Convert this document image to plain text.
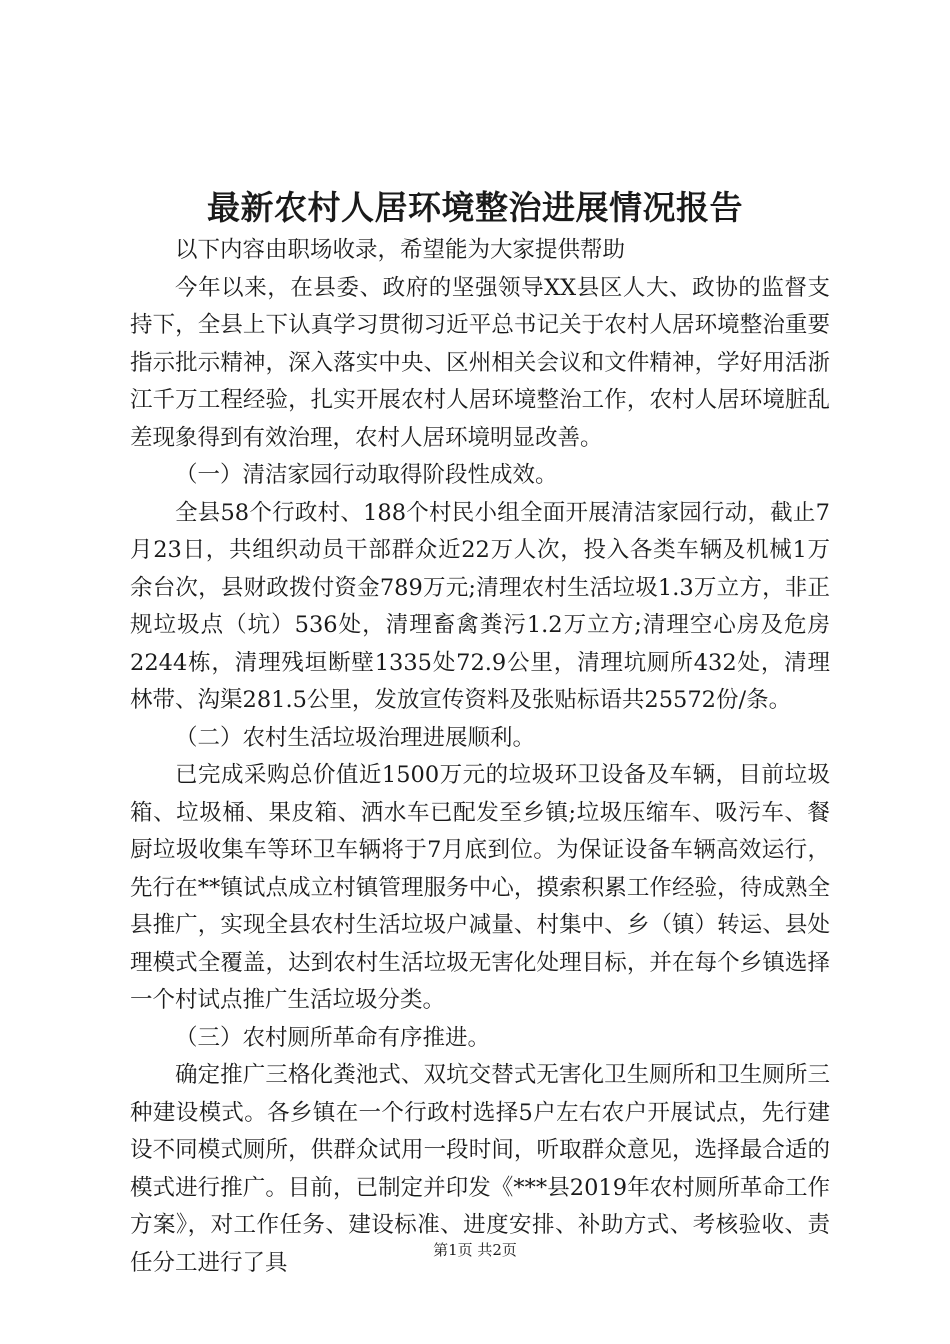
最新农村人居环境整治进展情况报告

以下内容由职场收录，希望能为大家提供帮助

今年以来，在县委、政府的坚强领导XX县区人大、政协的监督支持下，全县上下认真学习贯彻习近平总书记关于农村人居环境整治重要指示批示精神，深入落实中央、区州相关会议和文件精神，学好用活浙江千万工程经验，扎实开展农村人居环境整治工作，农村人居环境脏乱差现象得到有效治理，农村人居环境明显改善。

（一）清洁家园行动取得阶段性成效。

全县58个行政村、188个村民小组全面开展清洁家园行动，截止7月23日，共组织动员干部群众近22万人次，投入各类车辆及机械1万余台次，县财政拨付资金789万元;清理农村生活垃圾1.3万立方，非正规垃圾点（坑）536处，清理畜禽粪污1.2万立方;清理空心房及危房2244栋，清理残垣断壁1335处72.9公里，清理坑厕所432处，清理林带、沟渠281.5公里，发放宣传资料及张贴标语共25572份/条。

（二）农村生活垃圾治理进展顺利。

已完成采购总价值近1500万元的垃圾环卫设备及车辆，目前垃圾箱、垃圾桶、果皮箱、洒水车已配发至乡镇;垃圾压缩车、吸污车、餐厨垃圾收集车等环卫车辆将于7月底到位。为保证设备车辆高效运行，先行在**镇试点成立村镇管理服务中心，摸索积累工作经验，待成熟全县推广，实现全县农村生活垃圾户减量、村集中、乡（镇）转运、县处理模式全覆盖，达到农村生活垃圾无害化处理目标，并在每个乡镇选择一个村试点推广生活垃圾分类。

（三）农村厕所革命有序推进。

确定推广三格化粪池式、双坑交替式无害化卫生厕所和卫生厕所三种建设模式。各乡镇在一个行政村选择5户左右农户开展试点，先行建设不同模式厕所，供群众试用一段时间，听取群众意见，选择最合适的模式进行推广。目前，已制定并印发《***县2019年农村厕所革命工作方案》，对工作任务、建设标准、进度安排、补助方式、考核验收、责任分工进行了具	第1页 共2页
